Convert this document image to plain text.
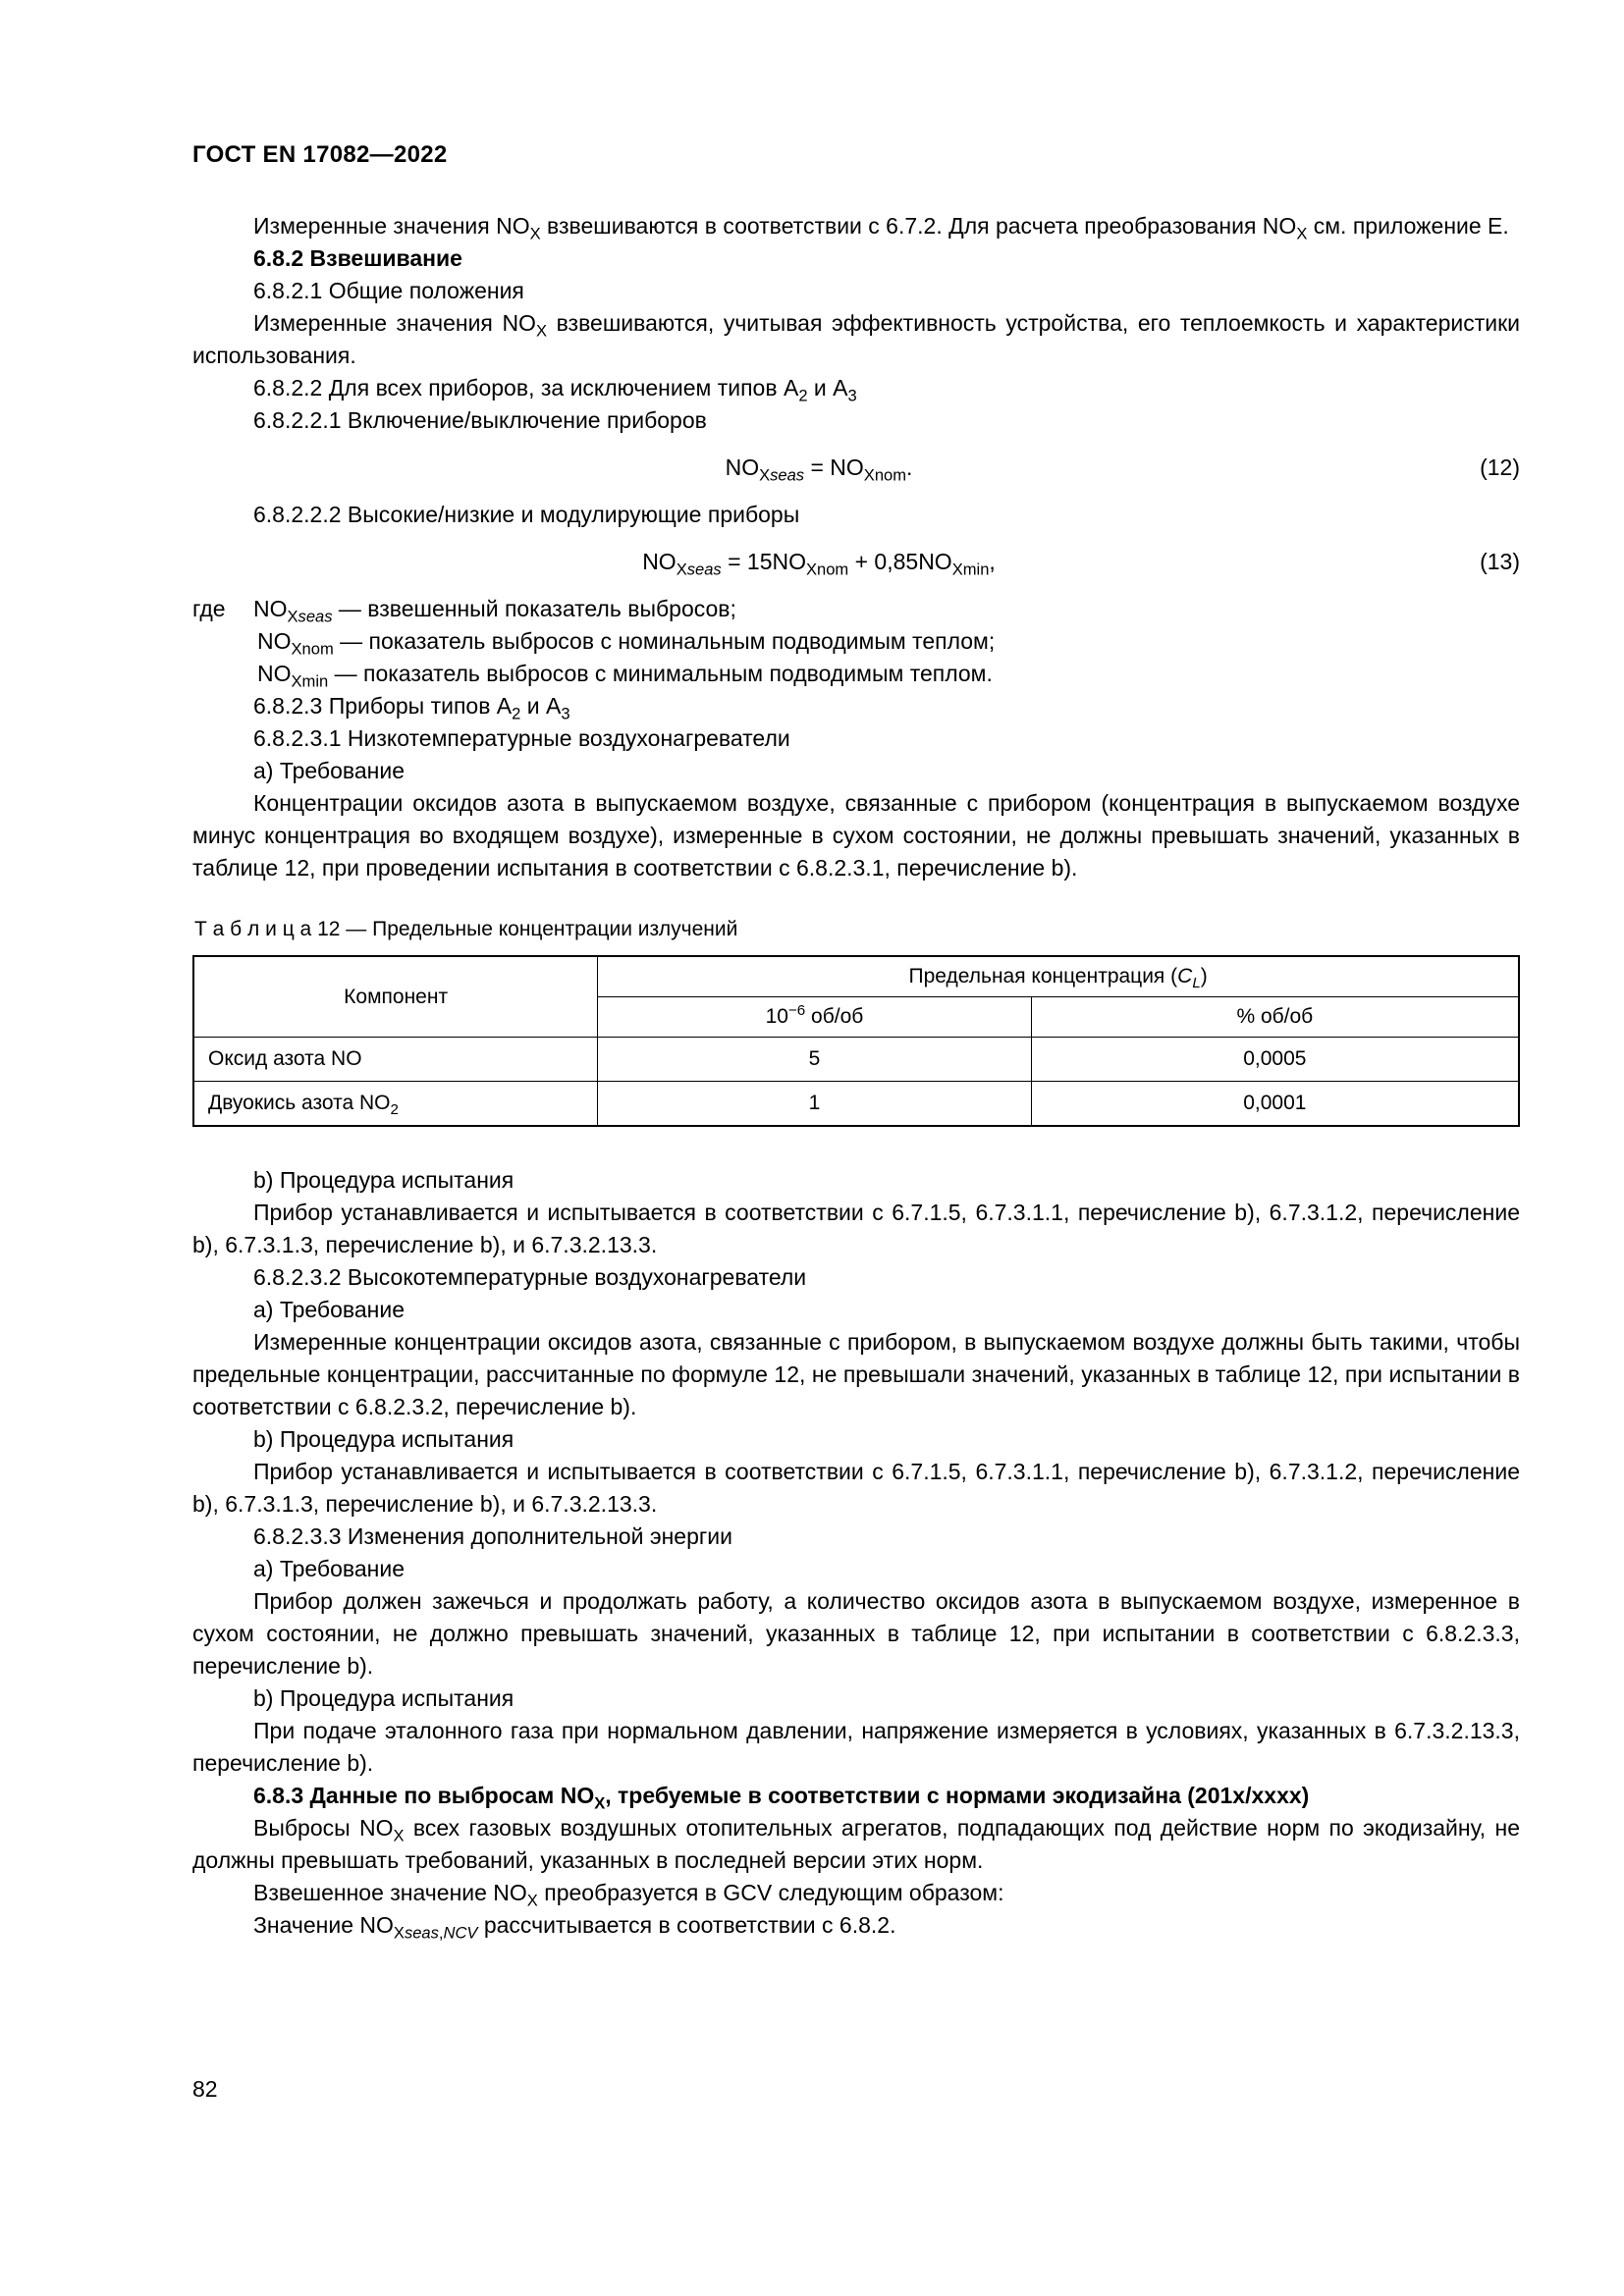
ГОСТ EN 17082—2022

Измеренные значения $NO_X$ взвешиваются в соответствии с 6.7.2. Для расчета преобразования $NO_X$ см. приложение Е.

6.8.2 Взвешивание

6.8.2.1 Общие положения

Измеренные значения $NO_X$ взвешиваются, учитывая эффективность устройства, его теплоемкость и характеристики использования.

6.8.2.2 Для всех приборов, за исключением типов $А_2$ и $А_3$

6.8.2.2.1 Включение/выключение приборов

$NO_{Xseas} = NO_{Xnom}$.	(12)

6.8.2.2.2 Высокие/низкие и модулирующие приборы

$NO_{Xseas} = 15NO_{Xnom} + 0,85NO_{Xmin}$,	(13)

где $NO_{Xseas}$ — взвешенный показатель выбросов;

$NO_{Xnom}$ — показатель выбросов с номинальным подводимым теплом;

$NO_{Xmin}$ — показатель выбросов с минимальным подводимым теплом.

6.8.2.3 Приборы типов $А_2$ и $А_3$

6.8.2.3.1 Низкотемпературные воздухонагреватели

а) Требование

Концентрации оксидов азота в выпускаемом воздухе, связанные с прибором (концентрация в выпускаемом воздухе минус концентрация во входящем воздухе), измеренные в сухом состоянии, не должны превышать значений, указанных в таблице 12, при проведении испытания в соответствии с 6.8.2.3.1, перечисление b).

Т а б л и ц а 12 — Предельные концентрации излучений

Компонент	Предельная концентрация $(C_L)$	
	$10^{-6}$ об/об	% об/об
Оксид азота NO	5	0,0005
Двуокись азота $NO_2$	1	0,0001

b) Процедура испытания

Прибор устанавливается и испытывается в соответствии с 6.7.1.5, 6.7.3.1.1, перечисление b), 6.7.3.1.2, перечисление b), 6.7.3.1.3, перечисление b), и 6.7.3.2.13.3.

6.8.2.3.2 Высокотемпературные воздухонагреватели

а) Требование

Измеренные концентрации оксидов азота, связанные с прибором, в выпускаемом воздухе должны быть такими, чтобы предельные концентрации, рассчитанные по формуле 12, не превышали значений, указанных в таблице 12, при испытании в соответствии с 6.8.2.3.2, перечисление b).

b) Процедура испытания

Прибор устанавливается и испытывается в соответствии с 6.7.1.5, 6.7.3.1.1, перечисление b), 6.7.3.1.2, перечисление b), 6.7.3.1.3, перечисление b), и 6.7.3.2.13.3.

6.8.2.3.3 Изменения дополнительной энергии

а) Требование

Прибор должен зажечься и продолжать работу, а количество оксидов азота в выпускаемом воздухе, измеренное в сухом состоянии, не должно превышать значений, указанных в таблице 12, при испытании в соответствии с 6.8.2.3.3, перечисление b).

b) Процедура испытания

При подаче эталонного газа при нормальном давлении, напряжение измеряется в условиях, указанных в 6.7.3.2.13.3, перечисление b).

6.8.3 Данные по выбросам $NO_X$, требуемые в соответствии с нормами экодизайна (201х/хххх)

Выбросы $NO_X$ всех газовых воздушных отопительных агрегатов, подпадающих под действие норм по экодизайну, не должны превышать требований, указанных в последней версии этих норм.

Взвешенное значение $NO_X$ преобразуется в GCV следующим образом:

Значение $NO_{Xseas,NCV}$ рассчитывается в соответствии с 6.8.2.

82
